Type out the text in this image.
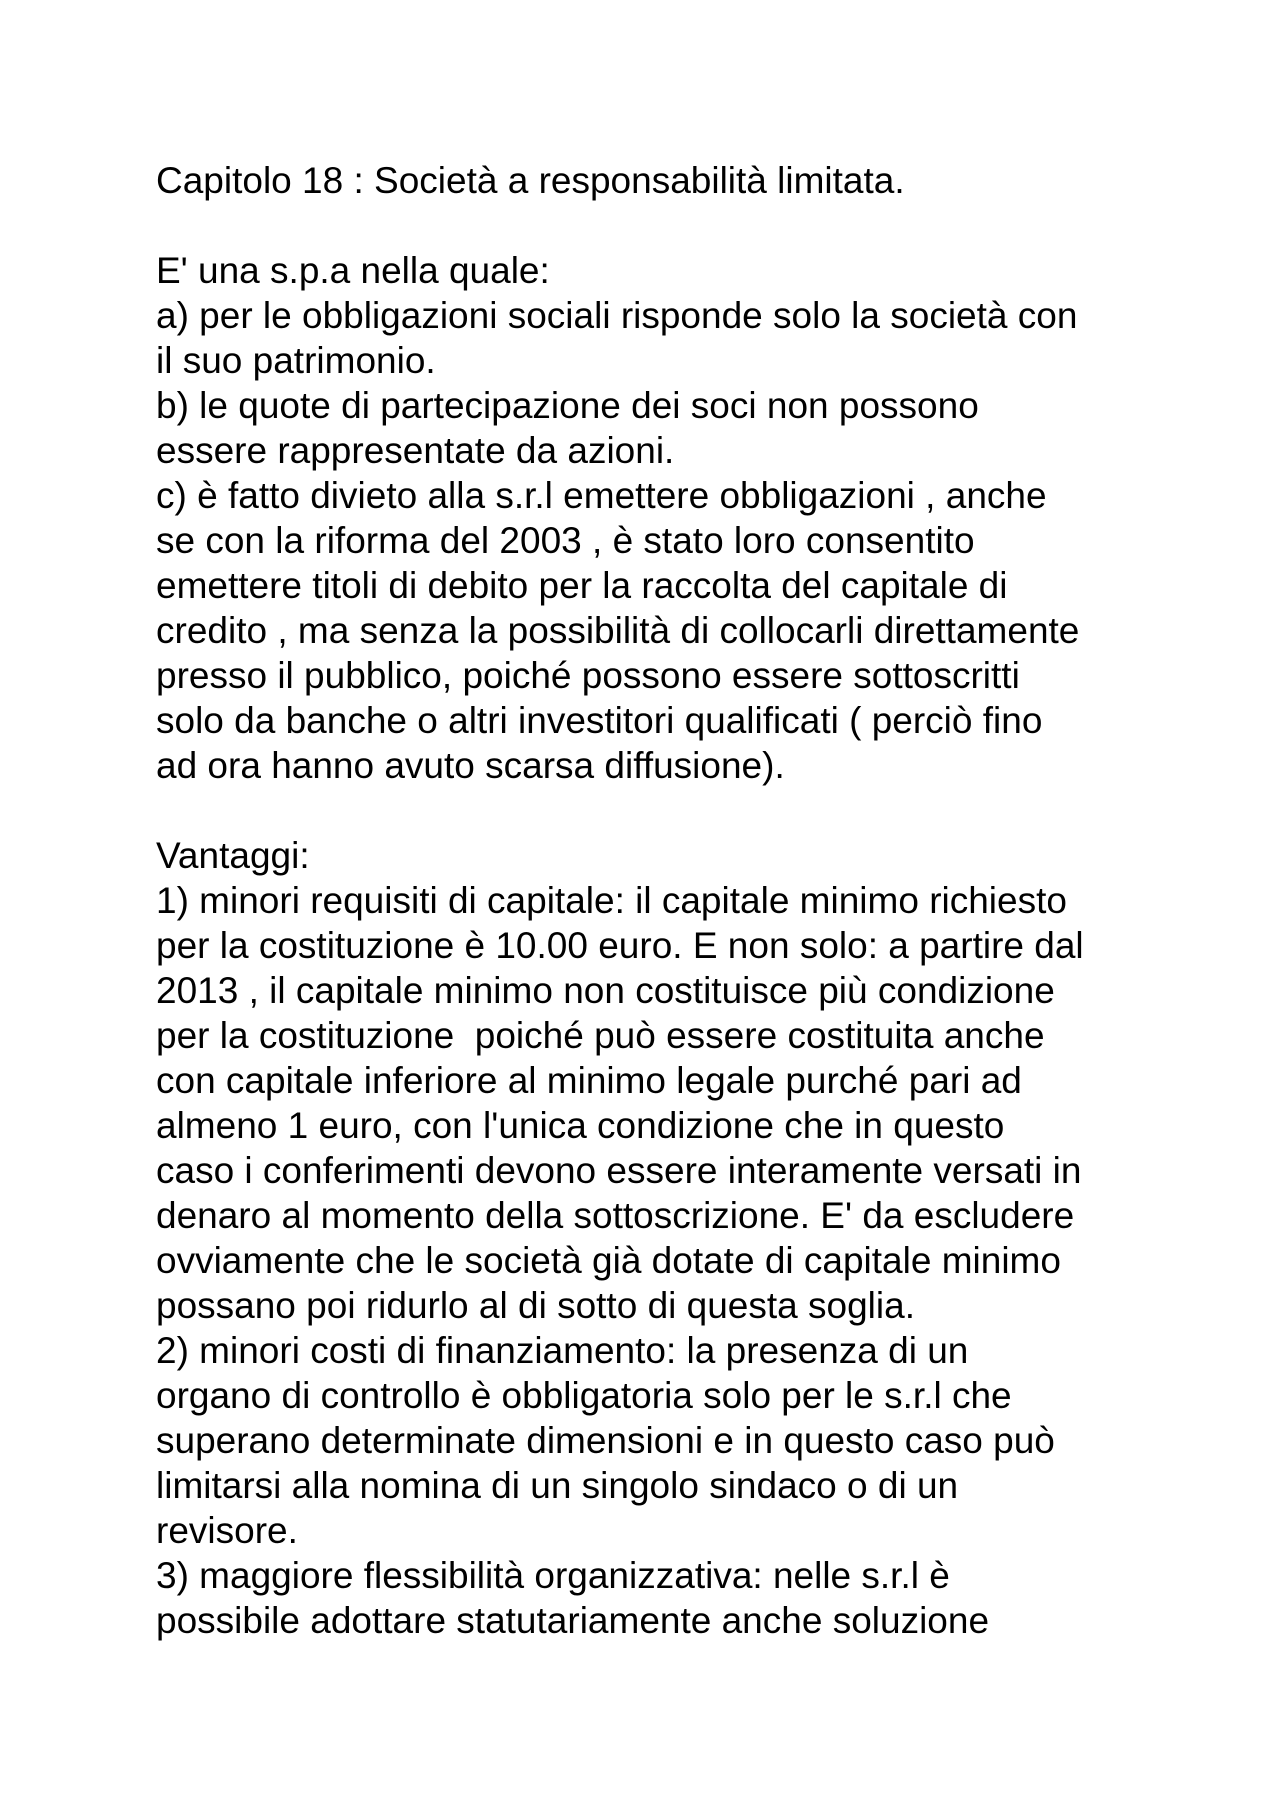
Capitolo 18 : Società a responsabilità limitata.
E' una s.p.a nella quale:
a) per le obbligazioni sociali risponde solo la società con
il suo patrimonio.
b) le quote di partecipazione dei soci non possono
essere rappresentate da azioni.
c) è fatto divieto alla s.r.l emettere obbligazioni , anche
se con la riforma del 2003 , è stato loro consentito
emettere titoli di debito per la raccolta del capitale di
credito , ma senza la possibilità di collocarli direttamente
presso il pubblico, poiché possono essere sottoscritti
solo da banche o altri investitori qualificati ( perciò fino
ad ora hanno avuto scarsa diffusione).
Vantaggi:
1) minori requisiti di capitale: il capitale minimo richiesto
per la costituzione è 10.00 euro. E non solo: a partire dal
2013 , il capitale minimo non costituisce più condizione
per la costituzione  poiché può essere costituita anche
con capitale inferiore al minimo legale purché pari ad
almeno 1 euro, con l'unica condizione che in questo
caso i conferimenti devono essere interamente versati in
denaro al momento della sottoscrizione. E' da escludere
ovviamente che le società già dotate di capitale minimo
possano poi ridurlo al di sotto di questa soglia.
2) minori costi di finanziamento: la presenza di un
organo di controllo è obbligatoria solo per le s.r.l che
superano determinate dimensioni e in questo caso può
limitarsi alla nomina di un singolo sindaco o di un
revisore.
3) maggiore flessibilità organizzativa: nelle s.r.l è
possibile adottare statutariamente anche soluzione
